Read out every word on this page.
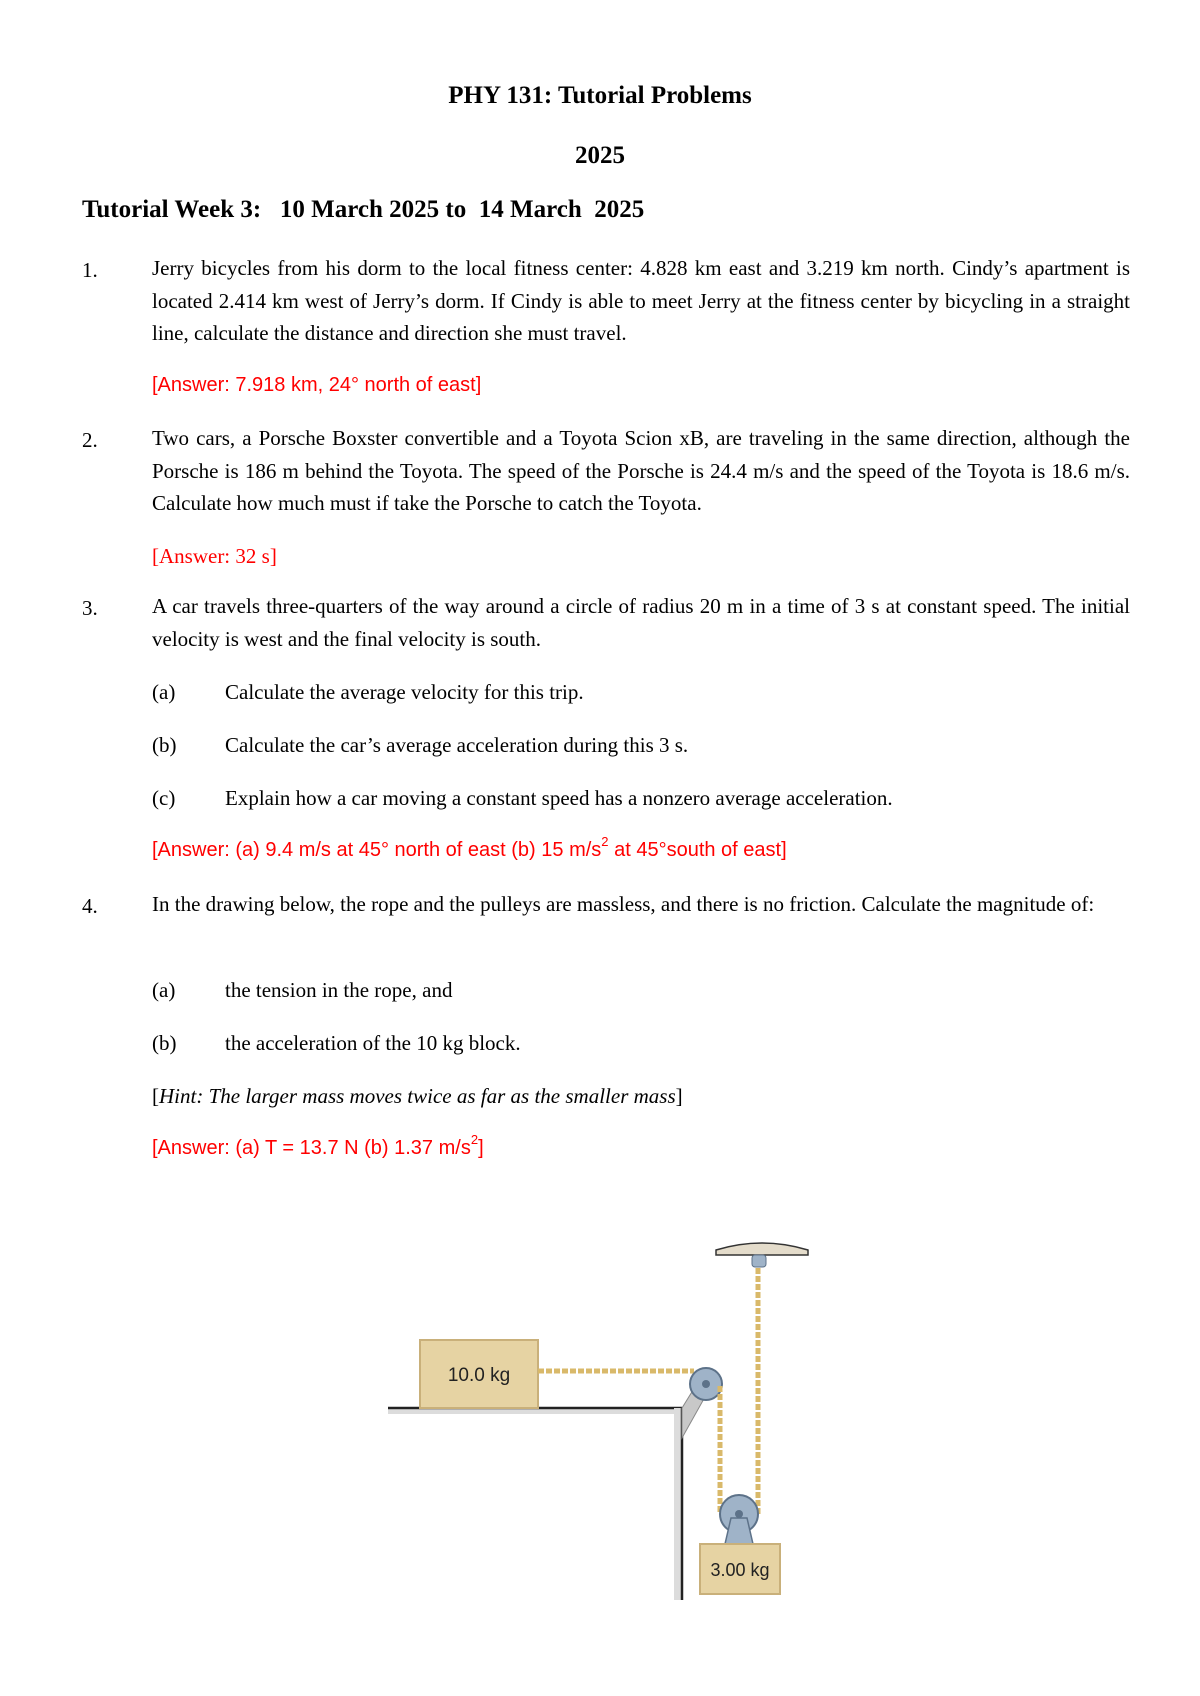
PHY 131: Tutorial Problems
2025
Tutorial Week 3:   10 March 2025 to  14 March  2025
1.	Jerry bicycles from his dorm to the local fitness center: 4.828 km east and 3.219 km north. Cindy’s apartment is located 2.414 km west of Jerry’s dorm. If Cindy is able to meet Jerry at the fitness center by bicycling in a straight line, calculate the distance and direction she must travel.
[Answer: 7.918 km, 24° north of east]
2.	Two cars, a Porsche Boxster convertible and a Toyota Scion xB, are traveling in the same direction, although the Porsche is 186 m behind the Toyota. The speed of the Porsche is 24.4 m/s and the speed of the Toyota is 18.6 m/s. Calculate how much must if take the Porsche to catch the Toyota.
[Answer: 32 s]
3.	A car travels three-quarters of the way around a circle of radius 20 m in a time of 3 s at constant speed. The initial velocity is west and the final velocity is south.
(a) Calculate the average velocity for this trip.
(b) Calculate the car’s average acceleration during this 3 s.
(c) Explain how a car moving a constant speed has a nonzero average acceleration.
[Answer: (a) 9.4 m/s at 45° north of east (b) 15 $m/s^2$ at 45°south of east]
4.	In the drawing below, the rope and the pulleys are massless, and there is no friction. Calculate the magnitude of:
(a) the tension in the rope, and
(b) the acceleration of the 10 kg block.
[Hint: The larger mass moves twice as far as the smaller mass]
[Answer: (a) T = 13.7 N (b) 1.37 $m/s^2$]
10.0 kg
3.00 kg
